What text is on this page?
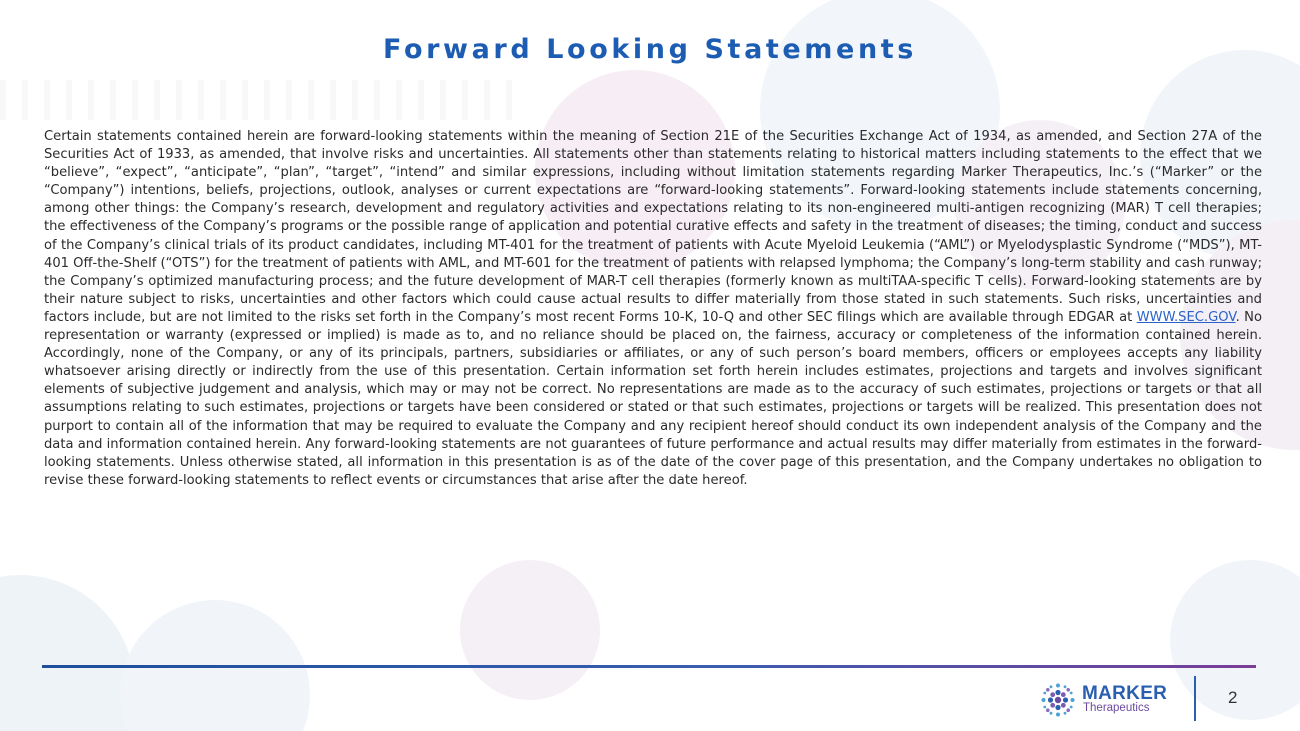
Forward Looking Statements

Certain statements contained herein are forward-looking statements within the meaning of Section 21E of the Securities Exchange Act of 1934, as amended, and Section 27A of the Securities Act of 1933, as amended, that involve risks and uncertainties. All statements other than statements relating to historical matters including statements to the effect that we “believe”, “expect”, “anticipate”, “plan”, “target”, “intend” and similar expressions, including without limitation statements regarding Marker Therapeutics, Inc.’s (“Marker” or the “Company”) intentions, beliefs, projections, outlook, analyses or current expectations are “forward-looking statements”. Forward-looking statements include statements concerning, among other things: the Company’s research, development and regulatory activities and expectations relating to its non-engineered multi-antigen recognizing (MAR) T cell therapies; the effectiveness of the Company’s programs or the possible range of application and potential curative effects and safety in the treatment of diseases; the timing, conduct and success of the Company’s clinical trials of its product candidates, including MT-401 for the treatment of patients with Acute Myeloid Leukemia (“AML”) or Myelodysplastic Syndrome (“MDS”), MT-401 Off-the-Shelf (“OTS”) for the treatment of patients with AML, and MT-601 for the treatment of patients with relapsed lymphoma; the Company’s long-term stability and cash runway; the Company’s optimized manufacturing process; and the future development of MAR-T cell therapies (formerly known as multiTAA-specific T cells). Forward-looking statements are by their nature subject to risks, uncertainties and other factors which could cause actual results to differ materially from those stated in such statements. Such risks, uncertainties and factors include, but are not limited to the risks set forth in the Company’s most recent Forms 10-K, 10-Q and other SEC filings which are available through EDGAR at WWW.SEC.GOV. No representation or warranty (expressed or implied) is made as to, and no reliance should be placed on, the fairness, accuracy or completeness of the information contained herein. Accordingly, none of the Company, or any of its principals, partners, subsidiaries or affiliates, or any of such person’s board members, officers or employees accepts any liability whatsoever arising directly or indirectly from the use of this presentation. Certain information set forth herein includes estimates, projections and targets and involves significant elements of subjective judgement and analysis, which may or may not be correct. No representations are made as to the accuracy of such estimates, projections or targets or that all assumptions relating to such estimates, projections or targets have been considered or stated or that such estimates, projections or targets will be realized. This presentation does not purport to contain all of the information that may be required to evaluate the Company and any recipient hereof should conduct its own independent analysis of the Company and the data and information contained herein. Any forward-looking statements are not guarantees of future performance and actual results may differ materially from estimates in the forward-looking statements. Unless otherwise stated, all information in this presentation is as of the date of the cover page of this presentation, and the Company undertakes no obligation to revise these forward-looking statements to reflect events or circumstances that arise after the date hereof.

MARKER
Therapeutics
2
